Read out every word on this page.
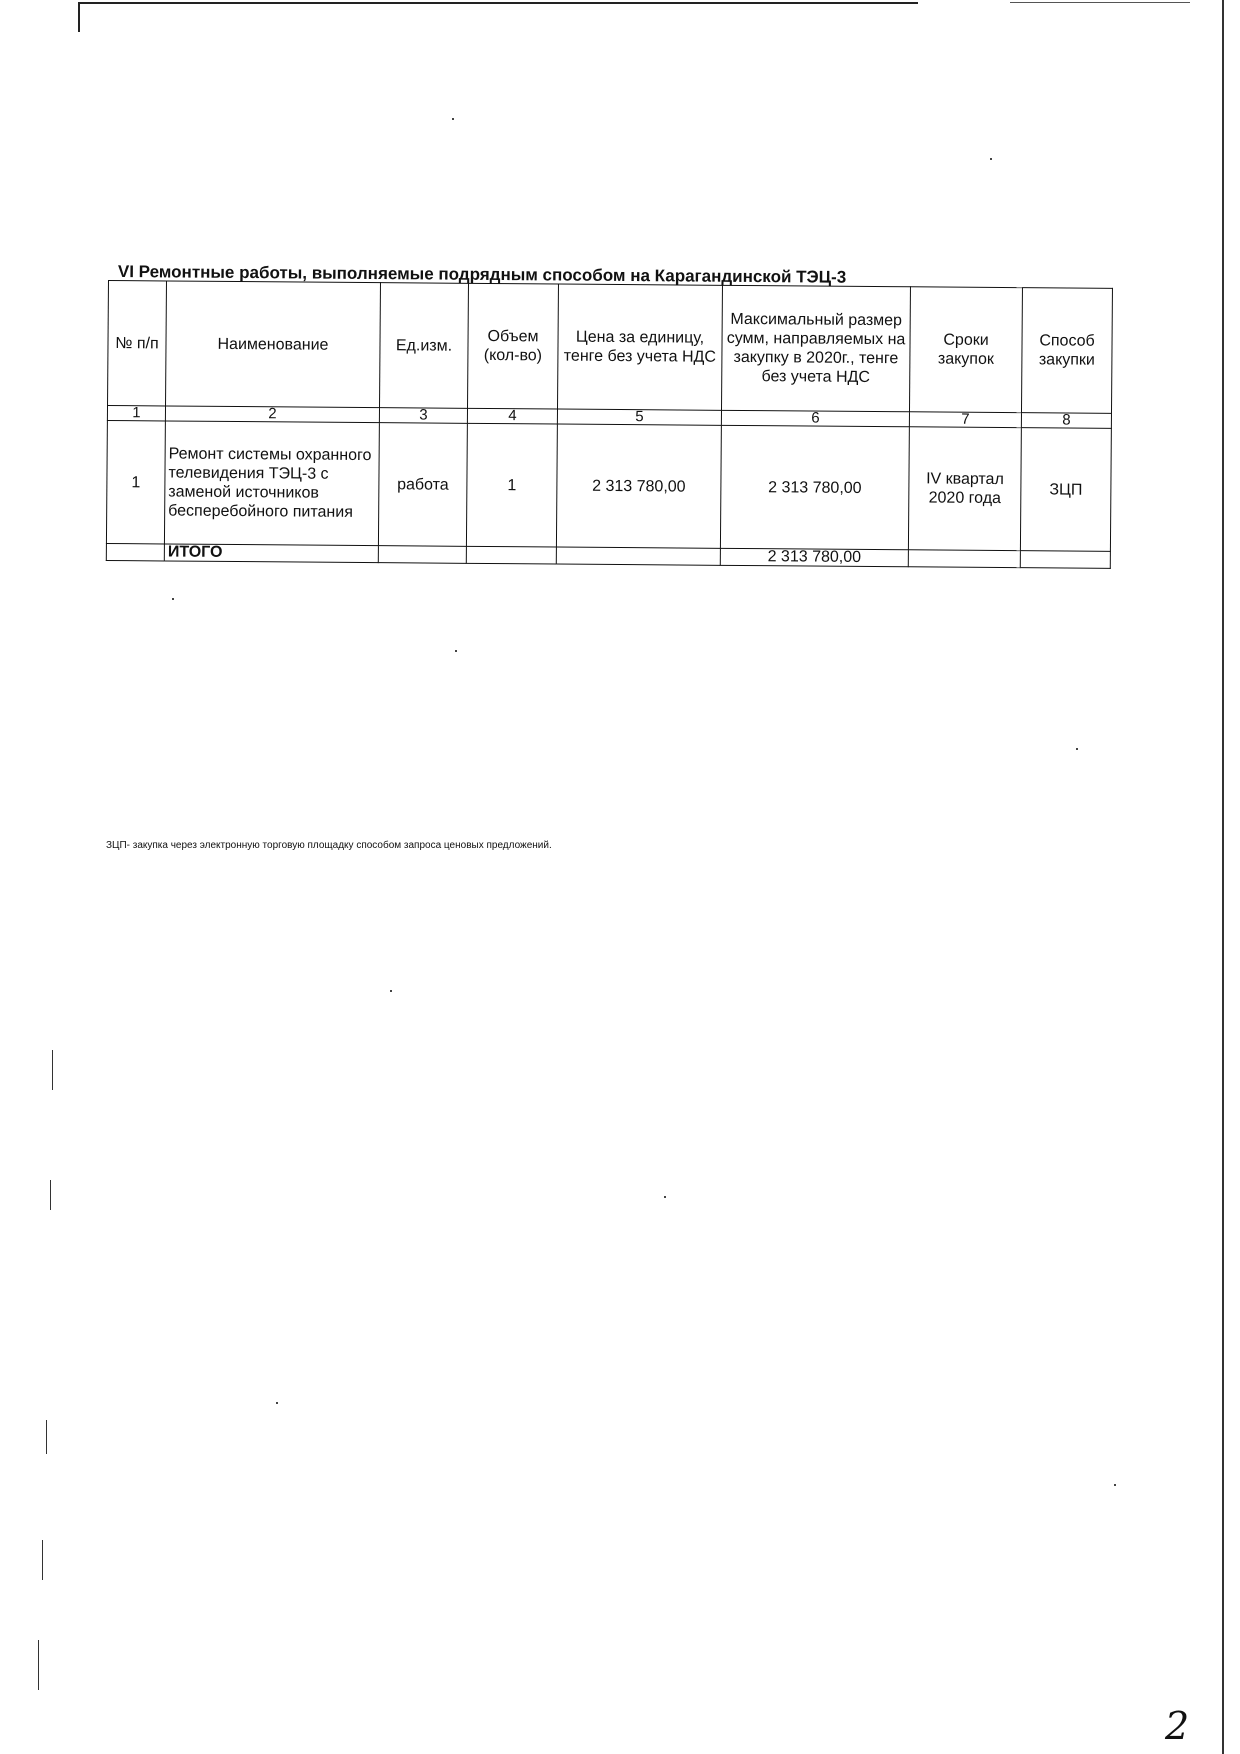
VI Ремонтные работы, выполняемые подрядным способом на Карагандинской ТЭЦ-3
№ п/п	Наименование	Ед.изм.	Объем (кол-во)	Цена за единицу, тенге без учета НДС	Максимальный размер сумм, направляемых на закупку в 2020г., тенге без учета НДС	Сроки закупок	Способ закупки
1	2	3	4	5	6	7	8
1	Ремонт системы охранного телевидения ТЭЦ-3 с заменой источников бесперебойного питания	работа	1	2 313 780,00	2 313 780,00	IV квартал 2020 года	ЗЦП
	ИТОГО				2 313 780,00		
ЗЦП- закупка через электронную торговую площадку способом запроса ценовых предложений.
2
